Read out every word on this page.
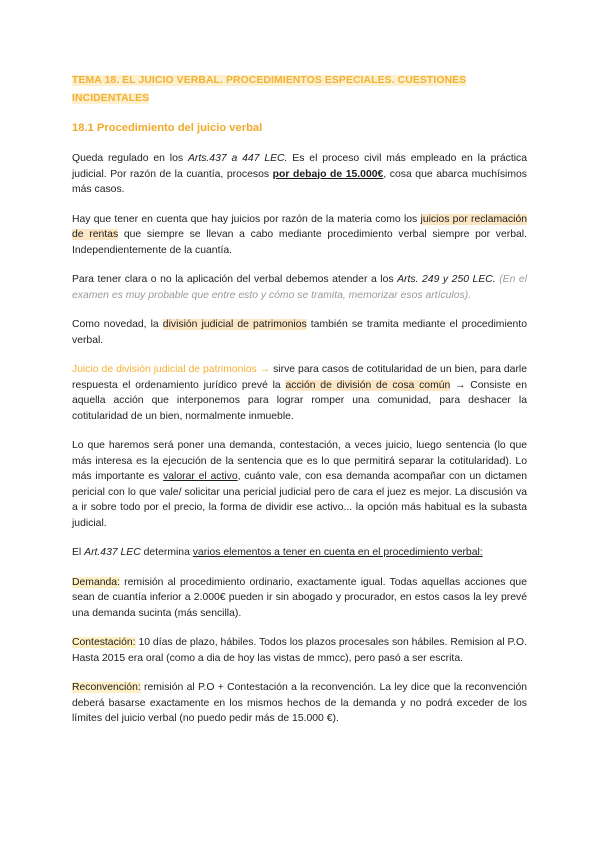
TEMA 18. EL JUICIO VERBAL. PROCEDIMIENTOS ESPECIALES. CUESTIONES INCIDENTALES
18.1 Procedimiento del juicio verbal

Queda regulado en los Arts.437 a 447 LEC. Es el proceso civil más empleado en la práctica judicial. Por razón de la cuantía, procesos por debajo de 15.000€, cosa que abarca muchísimos más casos.

Hay que tener en cuenta que hay juicios por razón de la materia como los juicios por reclamación de rentas que siempre se llevan a cabo mediante procedimiento verbal siempre por verbal. Independientemente de la cuantía.

Para tener clara o no la aplicación del verbal debemos atender a los Arts. 249 y 250 LEC. (En el examen es muy probable que entre esto y cómo se tramita, memorizar esos artículos).

Como novedad, la división judicial de patrimonios también se tramita mediante el procedimiento verbal.

Juicio de división judicial de patrimonios → sirve para casos de cotitularidad de un bien, para darle respuesta el ordenamiento jurídico prevé la acción de división de cosa común → Consiste en aquella acción que interponemos para lograr romper una comunidad, para deshacer la cotitularidad de un bien, normalmente inmueble.

Lo que haremos será poner una demanda, contestación, a veces juicio, luego sentencia (lo que más interesa es la ejecución de la sentencia que es lo que permitirá separar la cotitularidad). Lo más importante es valorar el activo, cuánto vale, con esa demanda acompañar con un dictamen pericial con lo que vale/ solicitar una pericial judicial pero de cara el juez es mejor. La discusión va a ir sobre todo por el precio, la forma de dividir ese activo... la opción más habitual es la subasta judicial.

El Art.437 LEC determina varios elementos a tener en cuenta en el procedimiento verbal:

Demanda: remisión al procedimiento ordinario, exactamente igual. Todas aquellas acciones que sean de cuantía inferior a 2.000€ pueden ir sin abogado y procurador, en estos casos la ley prevé una demanda sucinta (más sencilla).

Contestación: 10 días de plazo, hábiles. Todos los plazos procesales son hábiles. Remision al P.O. Hasta 2015 era oral (como a dia de hoy las vistas de mmcc), pero pasó a ser escrita.

Reconvención: remisión al P.O + Contestación a la reconvención. La ley dice que la reconvención deberá basarse exactamente en los mismos hechos de la demanda y no podrá exceder de los límites del juicio verbal (no puedo pedir más de 15.000 €).
